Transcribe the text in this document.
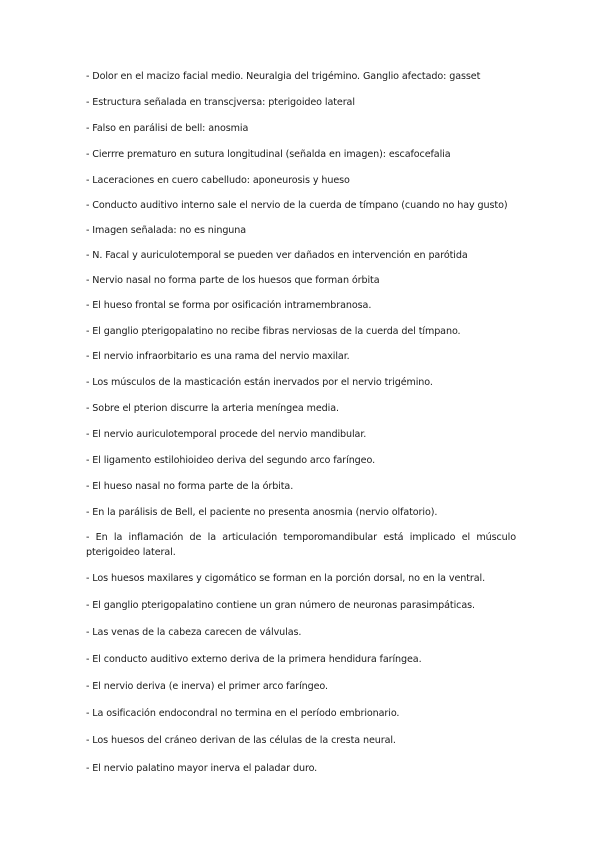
- Dolor en el macizo facial medio. Neuralgia del trigémino. Ganglio afectado: gasset
- Estructura señalada en transcjversa: pterigoideo lateral
- Falso en parálisi de bell: anosmia
- Cierrre prematuro en sutura longitudinal (señalda en imagen): escafocefalia
- Laceraciones en cuero cabelludo: aponeurosis y hueso
- Conducto auditivo interno sale el nervio de la cuerda de tímpano (cuando no hay gusto)
- Imagen señalada: no es ninguna
- N. Facal y auriculotemporal se pueden ver dañados en intervención en parótida
- Nervio nasal no forma parte de los huesos que forman órbita
- El hueso frontal se forma por osificación intramembranosa.
- El ganglio pterigopalatino no recibe fibras nerviosas de la cuerda del tímpano.
- El nervio infraorbitario es una rama del nervio maxilar.
- Los músculos de la masticación están inervados por el nervio trigémino.
- Sobre el pterion discurre la arteria meníngea media.
- El nervio auriculotemporal procede del nervio mandibular.
- El ligamento estilohioideo deriva del segundo arco faríngeo.
- El hueso nasal no forma parte de la órbita.
- En la parálisis de Bell, el paciente no presenta anosmia (nervio olfatorio).
- En la inflamación de la articulación temporomandibular está implicado el músculo pterigoideo lateral.
- Los huesos maxilares y cigomático se forman en la porción dorsal, no en la ventral.
- El ganglio pterigopalatino contiene un gran número de neuronas parasimpáticas.
- Las venas de la cabeza carecen de válvulas.
- El conducto auditivo externo deriva de la primera hendidura faríngea.
- El nervio deriva (e inerva) el primer arco faríngeo.
- La osificación endocondral no termina en el período embrionario.
- Los huesos del cráneo derivan de las células de la cresta neural.
- El nervio palatino mayor inerva el paladar duro.
